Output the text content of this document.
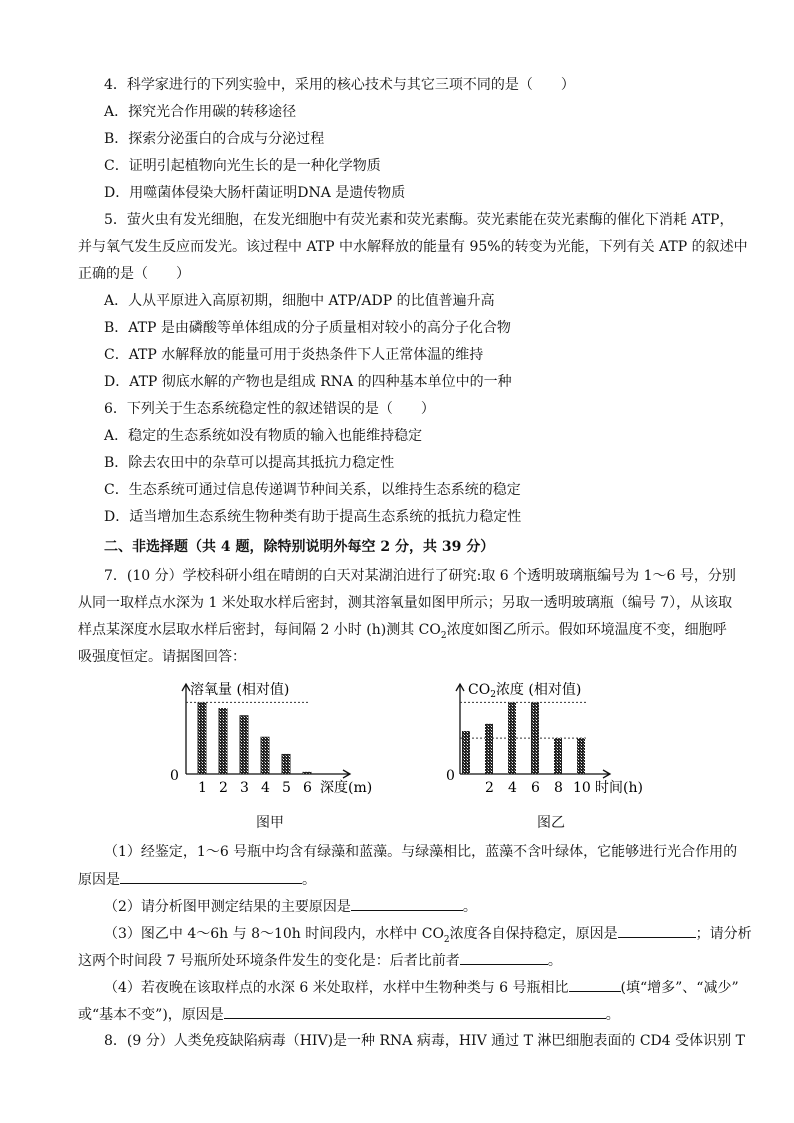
4．科学家进行的下列实验中，采用的核心技术与其它三项不同的是（　　）
A．探究光合作用碳的转移途径
B．探索分泌蛋白的合成与分泌过程
C．证明引起植物向光生长的是一种化学物质
D．用噬菌体侵染大肠杆菌证明DNA 是遗传物质
5．萤火虫有发光细胞，在发光细胞中有荧光素和荧光素酶。荧光素能在荧光素酶的催化下消耗 ATP，
并与氧气发生反应而发光。该过程中 ATP 中水解释放的能量有 95%的转变为光能，下列有关 ATP 的叙述中
正确的是（　　）
A．人从平原进入高原初期，细胞中 ATP/ADP 的比值普遍升高
B．ATP 是由磷酸等单体组成的分子质量相对较小的高分子化合物
C．ATP 水解释放的能量可用于炎热条件下人正常体温的维持
D．ATP 彻底水解的产物也是组成 RNA 的四种基本单位中的一种
6．下列关于生态系统稳定性的叙述错误的是（　　）
A．稳定的生态系统如没有物质的输入也能维持稳定
B．除去农田中的杂草可以提高其抵抗力稳定性
C．生态系统可通过信息传递调节种间关系，以维持生态系统的稳定
D．适当增加生态系统生物种类有助于提高生态系统的抵抗力稳定性
二、非选择题（共 4 题，除特别说明外每空 2 分，共 39 分）
7．(10 分）学校科研小组在晴朗的白天对某湖泊进行了研究:取 6 个透明玻璃瓶编号为 1～6 号，分别
从同一取样点水深为 1 米处取水样后密封，测其溶氧量如图甲所示；另取一透明玻璃瓶（编号 7），从该取
样点某深度水层取水样后密封，每间隔 2 小时 (h)测其 $CO_2$浓度如图乙所示。假如环境温度不变，细胞呼
吸强度恒定。请据图回答：
0
溶氧量 (相对值)
1 2 3 4 5 6 深度(m)
0
$CO_2$浓度 (相对值)
2 4 6 8 10 时间(h)
图甲	图乙
（1）经鉴定，1～6 号瓶中均含有绿藻和蓝藻。与绿藻相比，蓝藻不含叶绿体，它能够进行光合作用的
原因是	。
（2）请分析图甲测定结果的主要原因是	。
（3）图乙中 4～6h 与 8～10h 时间段内，水样中 $CO_2$浓度各自保持稳定，原因是	；请分析
这两个时间段 7 号瓶所处环境条件发生的变化是：后者比前者	。
（4）若夜晚在该取样点的水深 6 米处取样，水样中生物种类与 6 号瓶相比	(填“增多”、“减少”
或“基本不变”)，原因是	。
8．(9 分）人类免疫缺陷病毒（HIV)是一种 RNA 病毒，HIV 通过 T 淋巴细胞表面的 CD4 受体识别 T
